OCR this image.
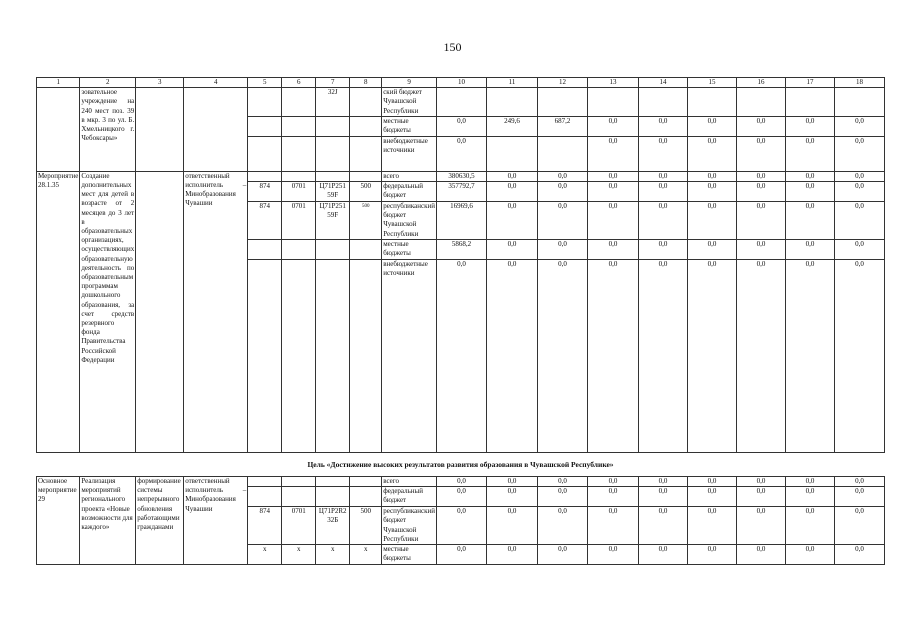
150
1	2	3	4	5	6	7	8	9	10	11	12	13	14	15	16	17	18
	зовательное учреждение на 240 мест поз. 39 в мкр. 3 по ул. Б. Хмельницкого г. Чебоксары»					32J		ский бюджет Чувашской Республики									
								местные бюджеты	0,0	249,6	687,2	0,0	0,0	0,0	0,0	0,0	0,0
								внебюджетные источники	0,0			0,0	0,0	0,0	0,0	0,0	0,0
Мероприятие 28.1.35	Создание дополнительных мест для детей в возрасте от 2 месяцев до 3 лет в образовательных организациях, осуществляющих образовательную деятельность по образовательным программам дошкольного образования, за счет средств резервного фонда Правительства Российской Федерации		ответственный исполнитель – Минобразования Чувашии					всего	380630,5	0,0	0,0	0,0	0,0	0,0	0,0	0,0	0,0
				874	0701	Ц71Р251 59F	500	федеральный бюджет	357792,7	0,0	0,0	0,0	0,0	0,0	0,0	0,0	0,0
				874	0701	Ц71Р251 59F	$^{500}$	республиканский бюджет Чувашской Республики	16969,6	0,0	0,0	0,0	0,0	0,0	0,0	0,0	0,0
								местные бюджеты	5868,2	0,0	0,0	0,0	0,0	0,0	0,0	0,0	0,0
								внебюджетные источники	0,0	0,0	0,0	0,0	0,0	0,0	0,0	0,0	0,0
Цель «Достижение высоких результатов развития образования в Чувашской Республике»																	
Основное мероприятие 29	Реализация мероприятий регионального проекта «Новые возможности для каждого»	формирование системы непрерывного обновления работающими гражданами	ответственный исполнитель – Минобразования Чувашии					всего	0,0	0,0	0,0	0,0	0,0	0,0	0,0	0,0	0,0
								федеральный бюджет	0,0	0,0	0,0	0,0	0,0	0,0	0,0	0,0	0,0
				874	0701	Ц71Р2R2 32Б	500	республиканский бюджет Чувашской Республики	0,0	0,0	0,0	0,0	0,0	0,0	0,0	0,0	0,0
				х	х	х	х	местные бюджеты	0,0	0,0	0,0	0,0	0,0	0,0	0,0	0,0	0,0
